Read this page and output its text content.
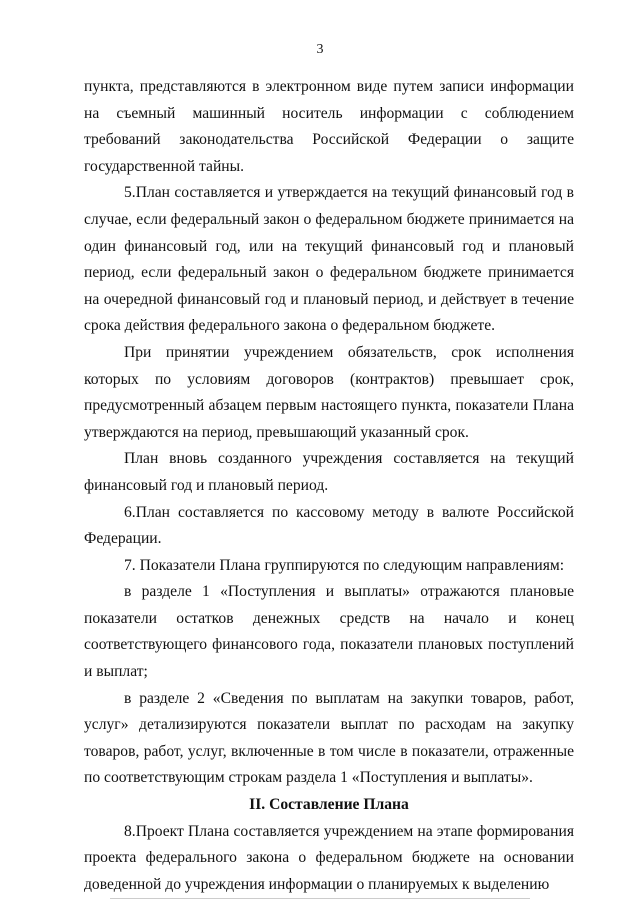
3

пункта, представляются в электронном виде путем записи информации на съемный машинный носитель информации с соблюдением требований законодательства Российской Федерации о защите государственной тайны.

5.План составляется и утверждается на текущий финансовый год в случае, если федеральный закон о федеральном бюджете принимается на один финансовый год, или на текущий финансовый год и плановый период, если федеральный закон о федеральном бюджете принимается на очередной финансовый год и плановый период, и действует в течение срока действия федерального закона о федеральном бюджете.

При принятии учреждением обязательств, срок исполнения которых по условиям договоров (контрактов) превышает срок, предусмотренный абзацем первым настоящего пункта, показатели Плана утверждаются на период, превышающий указанный срок.

План вновь созданного учреждения составляется на текущий финансовый год и плановый период.

6.План составляется по кассовому методу в валюте Российской Федерации.

7. Показатели Плана группируются по следующим направлениям:

в разделе 1 «Поступления и выплаты» отражаются плановые показатели остатков денежных средств на начало и конец соответствующего финансового года, показатели плановых поступлений и выплат;

в разделе 2 «Сведения по выплатам на закупки товаров, работ, услуг» детализируются показатели выплат по расходам на закупку товаров, работ, услуг, включенные в том числе в показатели, отраженные по соответствующим строкам раздела 1 «Поступления и выплаты».

II. Составление Плана

8.Проект Плана составляется учреждением на этапе формирования проекта федерального закона о федеральном бюджете на основании доведенной до учреждения информации о планируемых к выделению
